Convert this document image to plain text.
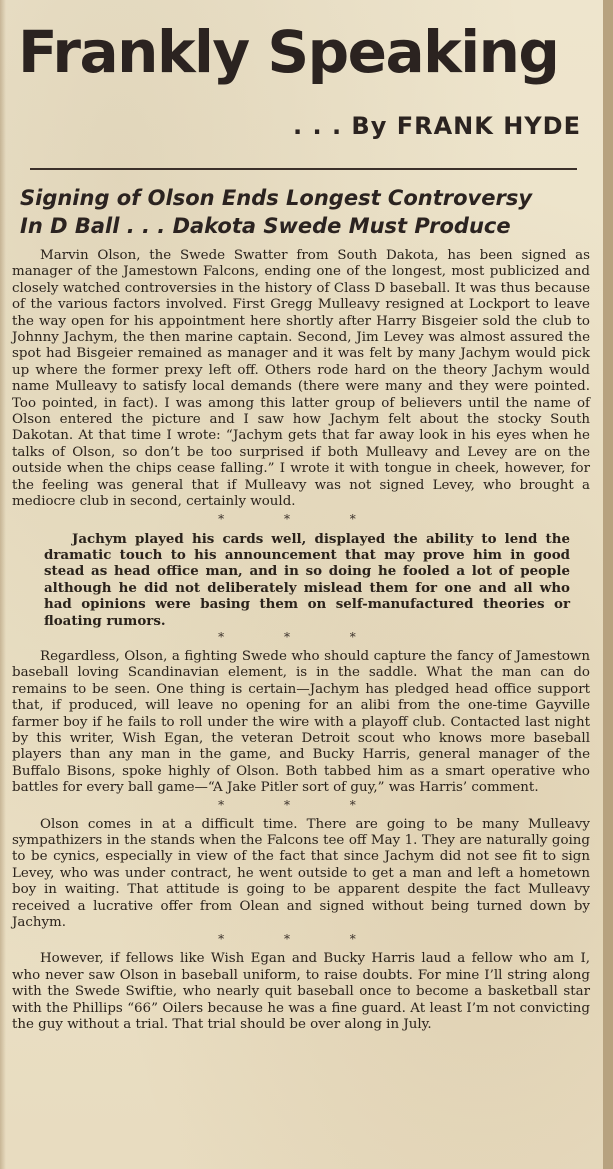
Frankly Speaking
. . . By FRANK HYDE
Signing of Olson Ends Longest Controversy
In D Ball . . . Dakota Swede Must Produce

Marvin Olson, the Swede Swatter from South Dakota, has been signed as manager of the Jamestown Falcons, ending one of the longest, most publicized and closely watched controversies in the history of Class D baseball. It was thus because of the various factors involved. First Gregg Mulleavy resigned at Lockport to leave the way open for his appointment here shortly after Harry Bisgeier sold the club to Johnny Jachym, the then marine captain. Second, Jim Levey was almost assured the spot had Bisgeier remained as manager and it was felt by many Jachym would pick up where the former prexy left off. Others rode hard on the theory Jachym would name Mulleavy to satisfy local demands (there were many and they were pointed. Too pointed, in fact). I was among this latter group of believers until the name of Olson entered the picture and I saw how Jachym felt about the stocky South Dakotan. At that time I wrote: “Jachym gets that far away look in his eyes when he talks of Olson, so don’t be too surprised if both Mulleavy and Levey are on the outside when the chips cease falling.” I wrote it with tongue in cheek, however, for the feeling was general that if Mulleavy was not signed Levey, who brought a mediocre club in second, certainly would.

* * *

Jachym played his cards well, displayed the ability to lend the dramatic touch to his announcement that may prove him in good stead as head office man, and in so doing he fooled a lot of people although he did not deliberately mislead them for one and all who had opinions were basing them on self-manufactured theories or floating rumors.

* * *

Regardless, Olson, a fighting Swede who should capture the fancy of Jamestown baseball loving Scandinavian element, is in the saddle. What the man can do remains to be seen. One thing is certain—Jachym has pledged head office support that, if produced, will leave no opening for an alibi from the one-time Gayville farmer boy if he fails to roll under the wire with a playoff club. Contacted last night by this writer, Wish Egan, the veteran Detroit scout who knows more baseball players than any man in the game, and Bucky Harris, general manager of the Buffalo Bisons, spoke highly of Olson. Both tabbed him as a smart operative who battles for every ball game—“A Jake Pitler sort of guy,” was Harris’ comment.

* * *

Olson comes in at a difficult time. There are going to be many Mulleavy sympathizers in the stands when the Falcons tee off May 1. They are naturally going to be cynics, especially in view of the fact that since Jachym did not see fit to sign Levey, who was under contract, he went outside to get a man and left a hometown boy in waiting. That attitude is going to be apparent despite the fact Mulleavy received a lucrative offer from Olean and signed without being turned down by Jachym.

* * *

However, if fellows like Wish Egan and Bucky Harris laud a fellow who am I, who never saw Olson in baseball uniform, to raise doubts. For mine I’ll string along with the Swede Swiftie, who nearly quit baseball once to become a basketball star with the Phillips “66” Oilers because he was a fine guard. At least I’m not convicting the guy without a trial. That trial should be over along in July.
